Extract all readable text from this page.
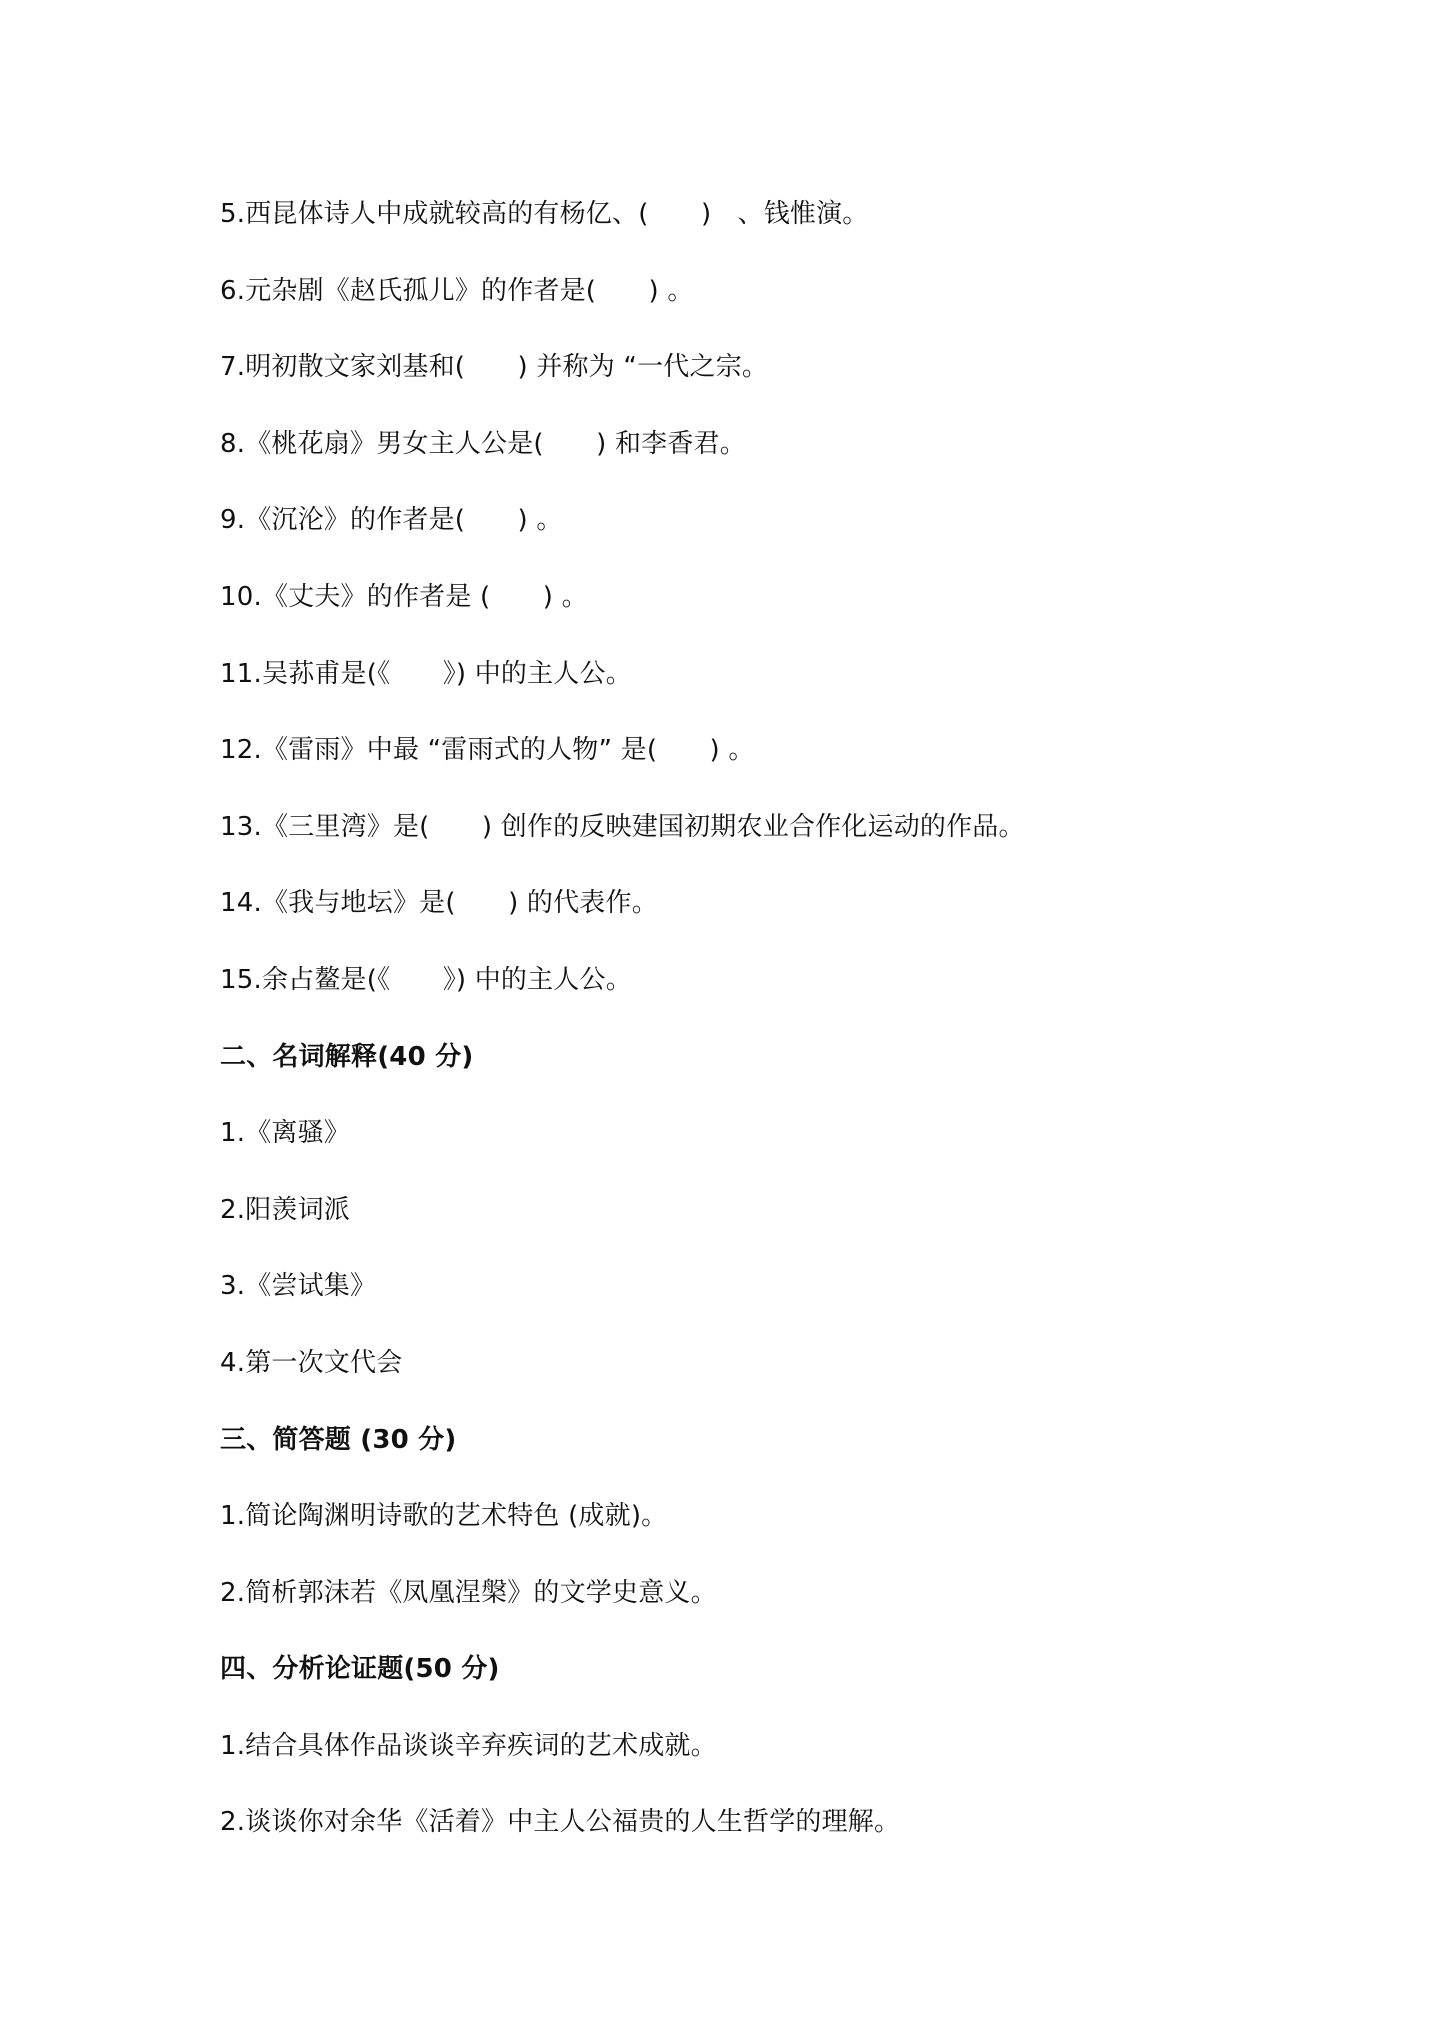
5.西昆体诗人中成就较高的有杨亿、(　　)　、钱惟演。
6.元杂剧《赵氏孤儿》的作者是(　　) 。
7.明初散文家刘基和(　　) 并称为 “一代之宗。
8.《桃花扇》男女主人公是(　　) 和李香君。
9.《沉沦》的作者是(　　) 。
10.《丈夫》的作者是 (　　) 。
11.吴荪甫是(《　　》) 中的主人公。
12.《雷雨》中最 “雷雨式的人物” 是(　　) 。
13.《三里湾》是(　　) 创作的反映建国初期农业合作化运动的作品。
14.《我与地坛》是(　　) 的代表作。
15.余占鳌是(《　　》) 中的主人公。
二、名词解释(40 分)
1.《离骚》
2.阳羡词派
3.《尝试集》
4.第一次文代会
三、简答题 (30 分)
1.简论陶渊明诗歌的艺术特色 (成就)。
2.简析郭沫若《凤凰涅槃》的文学史意义。
四、分析论证题(50 分)
1.结合具体作品谈谈辛弃疾词的艺术成就。
2.谈谈你对余华《活着》中主人公福贵的人生哲学的理解。
